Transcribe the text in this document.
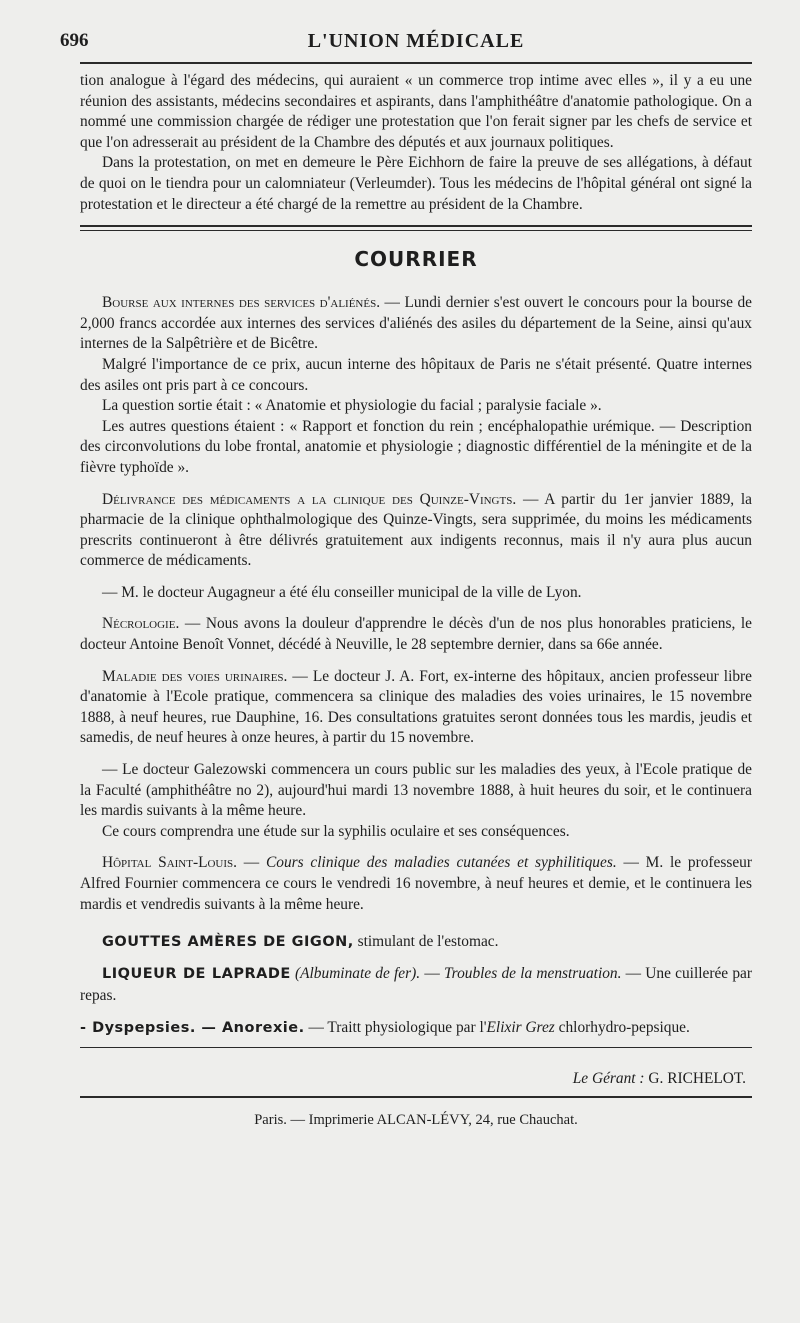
696	L'UNION MÉDICALE

tion analogue à l'égard des médecins, qui auraient « un commerce trop intime avec elles », il y a eu une réunion des assistants, médecins secondaires et aspirants, dans l'amphithéâtre d'anatomie pathologique. On a nommé une commission chargée de rédiger une protestation que l'on ferait signer par les chefs de service et que l'on adresserait au président de la Chambre des députés et aux journaux politiques.

Dans la protestation, on met en demeure le Père Eichhorn de faire la preuve de ses allégations, à défaut de quoi on le tiendra pour un calomniateur (Verleumder). Tous les médecins de l'hôpital général ont signé la protestation et le directeur a été chargé de la remettre au président de la Chambre.

COURRIER

Bourse aux internes des services d'aliénés. — Lundi dernier s'est ouvert le concours pour la bourse de 2,000 francs accordée aux internes des services d'aliénés des asiles du département de la Seine, ainsi qu'aux internes de la Salpêtrière et de Bicêtre.

Malgré l'importance de ce prix, aucun interne des hôpitaux de Paris ne s'était présenté. Quatre internes des asiles ont pris part à ce concours.

La question sortie était : « Anatomie et physiologie du facial ; paralysie faciale ».

Les autres questions étaient : « Rapport et fonction du rein ; encéphalopathie urémique. — Description des circonvolutions du lobe frontal, anatomie et physiologie ; diagnostic différentiel de la méningite et de la fièvre typhoïde ».

Délivrance des médicaments a la clinique des Quinze-Vingts. — A partir du 1er janvier 1889, la pharmacie de la clinique ophthalmologique des Quinze-Vingts, sera supprimée, du moins les médicaments prescrits continueront à être délivrés gratuitement aux indigents reconnus, mais il n'y aura plus aucun commerce de médicaments.

— M. le docteur Augagneur a été élu conseiller municipal de la ville de Lyon.

Nécrologie. — Nous avons la douleur d'apprendre le décès d'un de nos plus honorables praticiens, le docteur Antoine Benoît Vonnet, décédé à Neuville, le 28 septembre dernier, dans sa 66e année.

Maladie des voies urinaires. — Le docteur J. A. Fort, ex-interne des hôpitaux, ancien professeur libre d'anatomie à l'Ecole pratique, commencera sa clinique des maladies des voies urinaires, le 15 novembre 1888, à neuf heures, rue Dauphine, 16. Des consultations gratuites seront données tous les mardis, jeudis et samedis, de neuf heures à onze heures, à partir du 15 novembre.

— Le docteur Galezowski commencera un cours public sur les maladies des yeux, à l'Ecole pratique de la Faculté (amphithéâtre no 2), aujourd'hui mardi 13 novembre 1888, à huit heures du soir, et le continuera les mardis suivants à la même heure.

Ce cours comprendra une étude sur la syphilis oculaire et ses conséquences.

Hôpital Saint-Louis. — Cours clinique des maladies cutanées et syphilitiques. — M. le professeur Alfred Fournier commencera ce cours le vendredi 16 novembre, à neuf heures et demie, et le continuera les mardis et vendredis suivants à la même heure.

GOUTTES AMÈRES DE GIGON, stimulant de l'estomac.

LIQUEUR DE LAPRADE (Albuminate de fer). — Troubles de la menstruation. — Une cuillerée par repas.

- Dyspepsies. — Anorexie. — Traitt physiologique par l'Elixir Grez chlorhydro-pepsique.

Le Gérant : G. RICHELOT.
Paris. — Imprimerie ALCAN-LÉVY, 24, rue Chauchat.
